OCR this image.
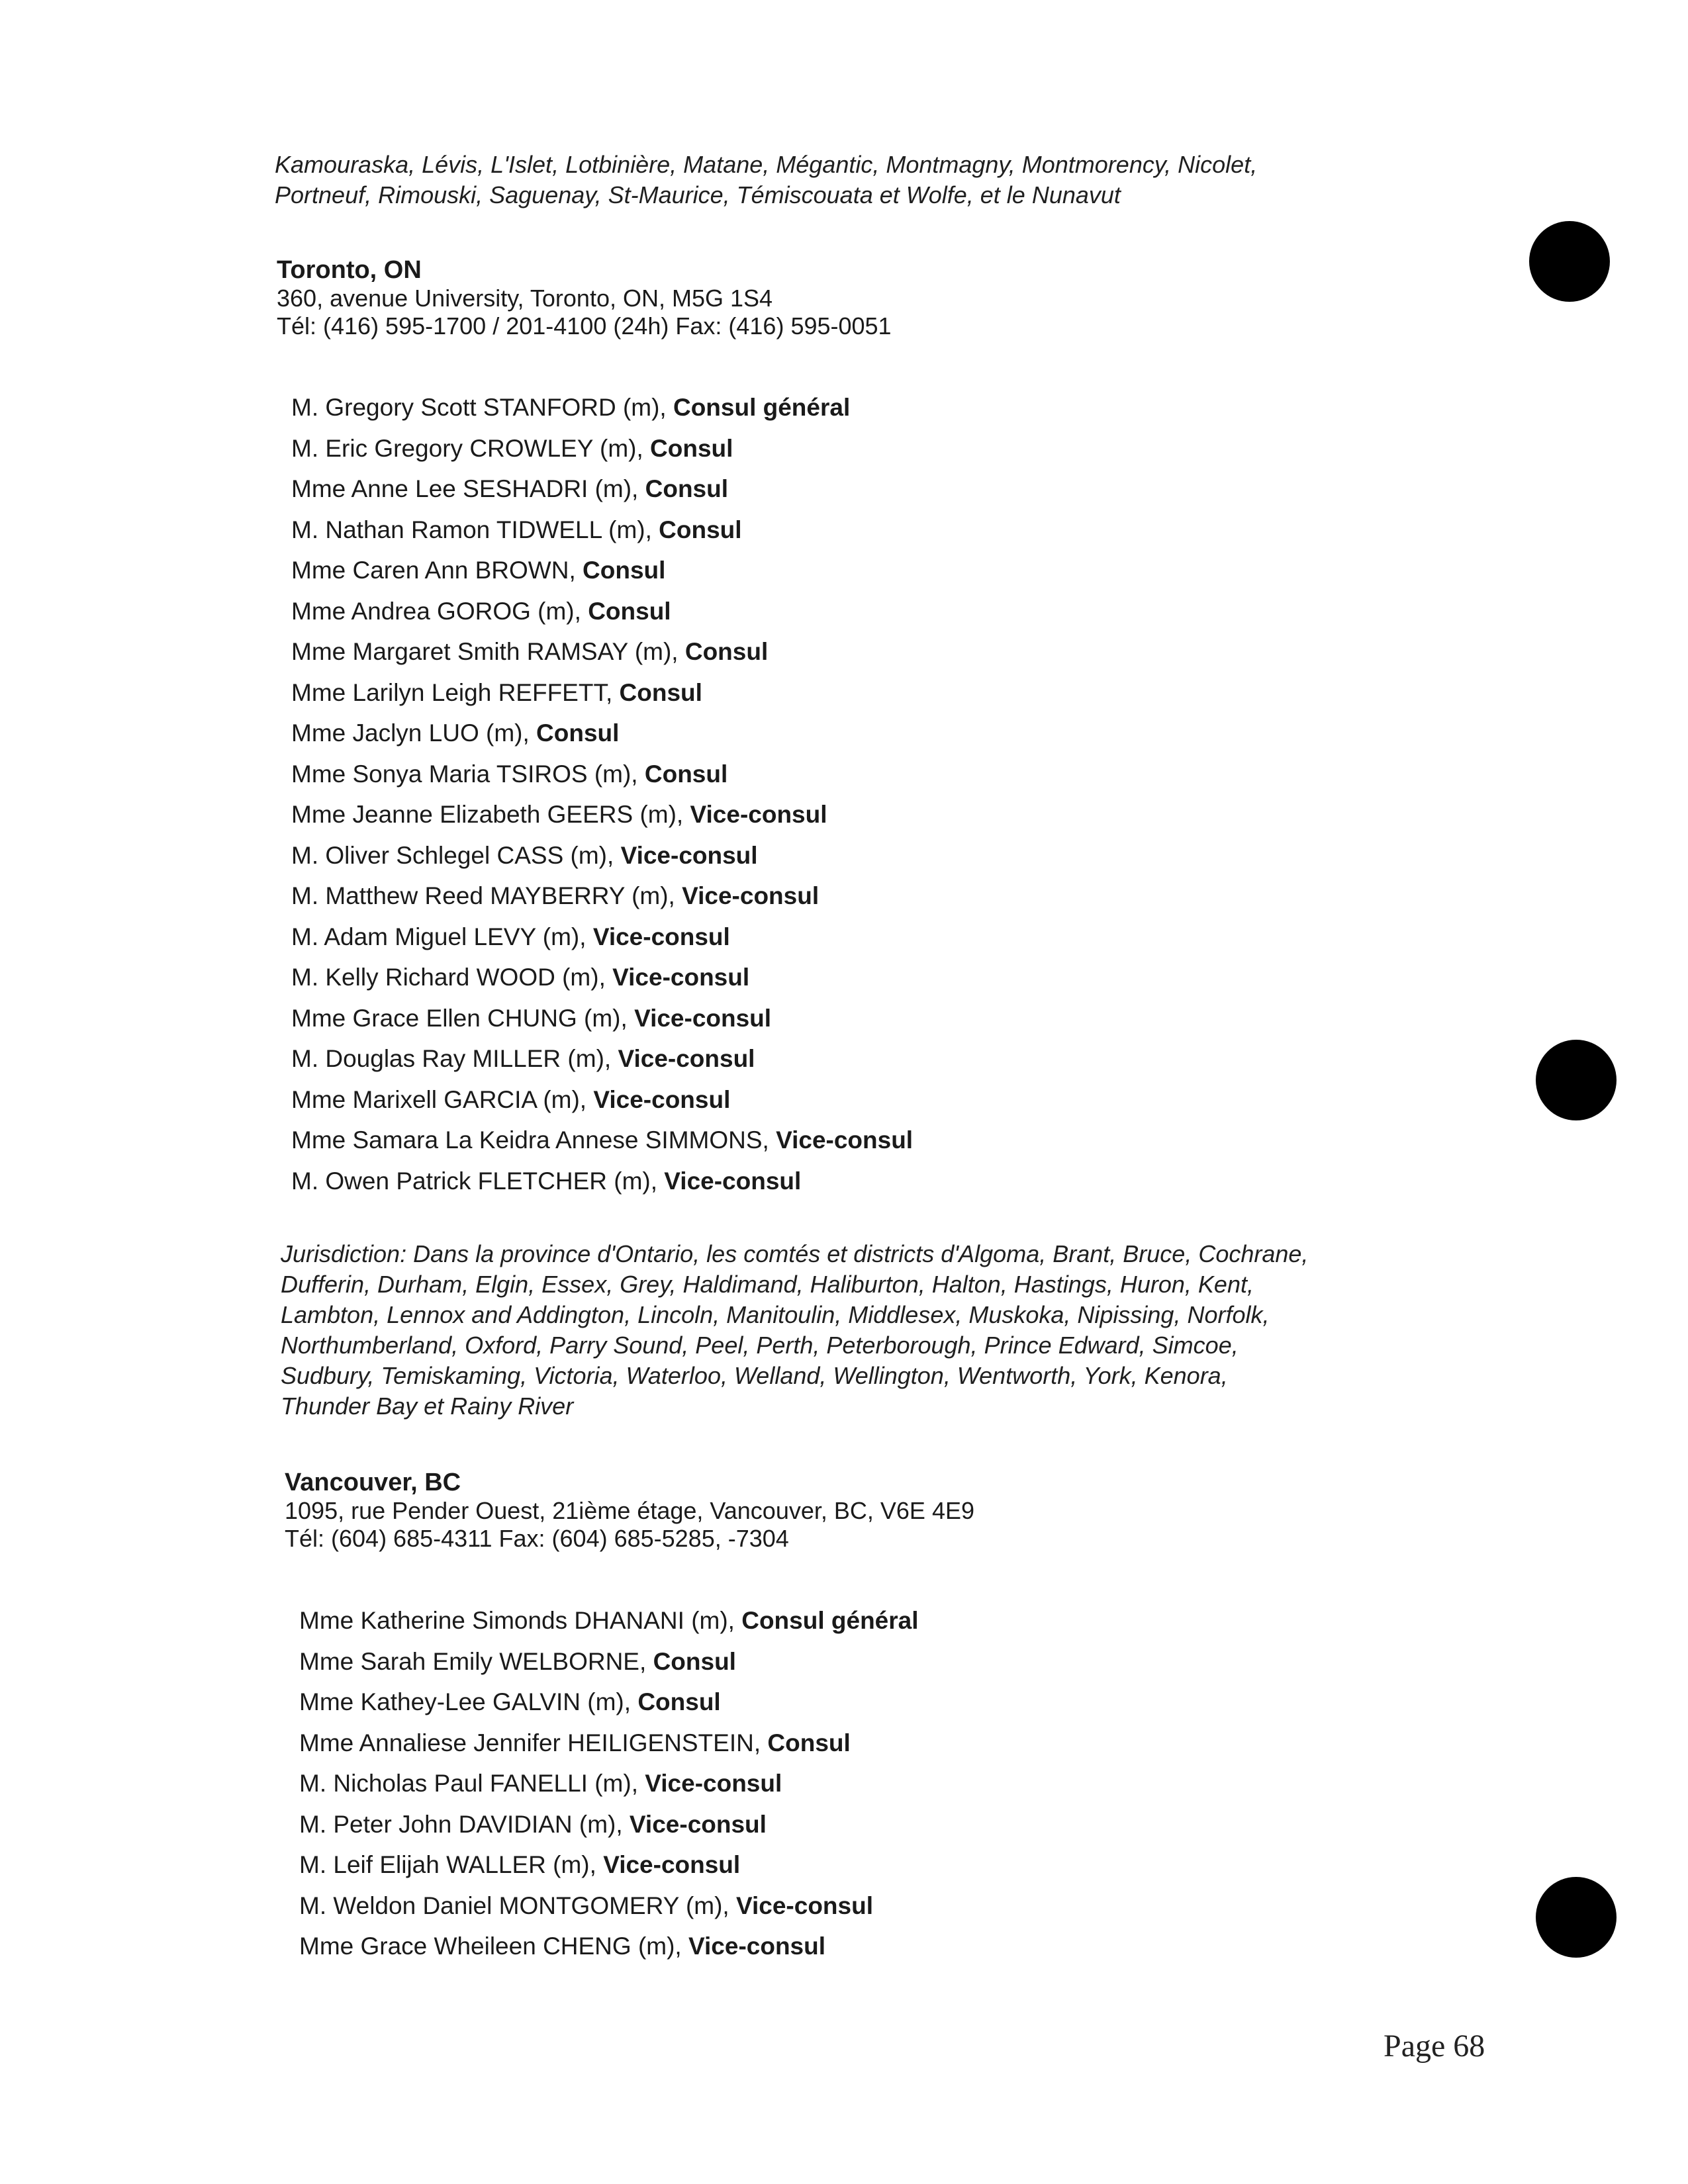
Kamouraska, Lévis, L'Islet, Lotbinière, Matane, Mégantic, Montmagny, Montmorency, Nicolet,
Portneuf, Rimouski, Saguenay, St-Maurice, Témiscouata et Wolfe, et le Nunavut

Toronto, ON
360, avenue University, Toronto, ON, M5G 1S4
Tél: (416) 595-1700 / 201-4100 (24h) Fax: (416) 595-0051
M. Gregory Scott STANFORD (m), Consul général
M. Eric Gregory CROWLEY (m), Consul
Mme Anne Lee SESHADRI (m), Consul
M. Nathan Ramon TIDWELL (m), Consul
Mme Caren Ann BROWN, Consul
Mme Andrea GOROG (m), Consul
Mme Margaret Smith RAMSAY (m), Consul
Mme Larilyn Leigh REFFETT, Consul
Mme Jaclyn LUO (m), Consul
Mme Sonya Maria TSIROS (m), Consul
Mme Jeanne Elizabeth GEERS (m), Vice-consul
M. Oliver Schlegel CASS (m), Vice-consul
M. Matthew Reed MAYBERRY (m), Vice-consul
M. Adam Miguel LEVY (m), Vice-consul
M. Kelly Richard WOOD (m), Vice-consul
Mme Grace Ellen CHUNG (m), Vice-consul
M. Douglas Ray MILLER (m), Vice-consul
Mme Marixell GARCIA (m), Vice-consul
Mme Samara La Keidra Annese SIMMONS, Vice-consul
M. Owen Patrick FLETCHER (m), Vice-consul

Jurisdiction: Dans la province d'Ontario, les comtés et districts d'Algoma, Brant, Bruce, Cochrane,
Dufferin, Durham, Elgin, Essex, Grey, Haldimand, Haliburton, Halton, Hastings, Huron, Kent,
Lambton, Lennox and Addington, Lincoln, Manitoulin, Middlesex, Muskoka, Nipissing, Norfolk,
Northumberland, Oxford, Parry Sound, Peel, Perth, Peterborough, Prince Edward, Simcoe,
Sudbury, Temiskaming, Victoria, Waterloo, Welland, Wellington, Wentworth, York, Kenora,
Thunder Bay et Rainy River

Vancouver, BC
1095, rue Pender Ouest, 21ième étage, Vancouver, BC, V6E 4E9
Tél: (604) 685-4311 Fax: (604) 685-5285, -7304
Mme Katherine Simonds DHANANI (m), Consul général
Mme Sarah Emily WELBORNE, Consul
Mme Kathey-Lee GALVIN (m), Consul
Mme Annaliese Jennifer HEILIGENSTEIN, Consul
M. Nicholas Paul FANELLI (m), Vice-consul
M. Peter John DAVIDIAN (m), Vice-consul
M. Leif Elijah WALLER (m), Vice-consul
M. Weldon Daniel MONTGOMERY (m), Vice-consul
Mme Grace Wheileen CHENG (m), Vice-consul
Page 68
